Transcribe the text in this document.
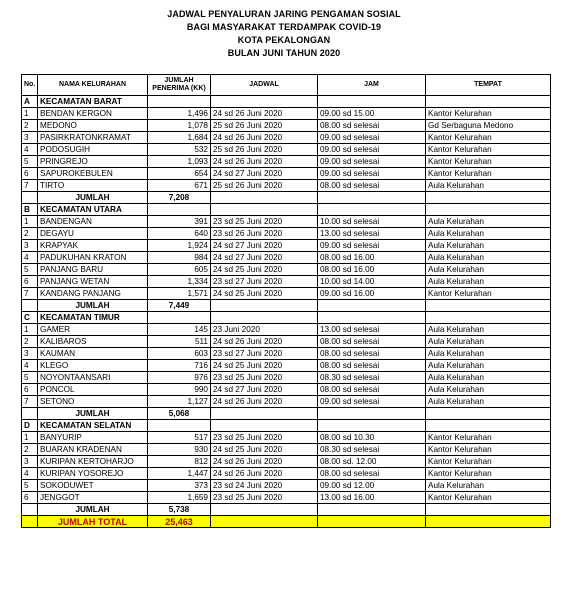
JADWAL PENYALURAN JARING PENGAMAN SOSIAL
BAGI MASYARAKAT TERDAMPAK COVID-19
KOTA PEKALONGAN
BULAN JUNI TAHUN 2020
No.	NAMA KELURAHAN	JUMLAH PENERIMA (KK)	JADWAL	JAM	TEMPAT
A	KECAMATAN BARAT				
1	BENDAN KERGON	1,496	24 sd 26 Juni 2020	09.00 sd 15.00	Kantor Kelurahan
2	MEDONO	1,078	25 sd 26 Juni 2020	08.00 sd selesai	Gd Serbaguna Medono
3	PASIRKRATONKRAMAT	1,684	24 sd 26 Juni 2020	09.00 sd selesai	Kantor Kelurahan
4	PODOSUGIH	532	25 sd 26 Juni 2020	09.00 sd selesai	Kantor Kelurahan
5	PRINGREJO	1,093	24 sd 26 Juni 2020	09.00 sd selesai	Kantor Kelurahan
6	SAPUROKEBULEN	654	24 sd 27 Juni 2020	09.00 sd selesai	Kantor Kelurahan
7	TIRTO	671	25 sd 26 Juni 2020	08.00 sd selesai	Aula Kelurahan
	JUMLAH	7,208			
B	KECAMATAN UTARA				
1	BANDENGAN	391	23 sd 25 Juni 2020	10.00 sd selesai	Aula Kelurahan
2	DEGAYU	640	23 sd 26 Juni 2020	13.00 sd selesai	Aula Kelurahan
3	KRAPYAK	1,924	24 sd 27 Juni 2020	09.00 sd selesai	Aula Kelurahan
4	PADUKUHAN KRATON	984	24 sd 27 Juni 2020	08.00 sd 16.00	Aula Kelurahan
5	PANJANG BARU	605	24 sd 25 Juni 2020	08.00 sd 16.00	Aula Kelurahan
6	PANJANG WETAN	1,334	23 sd 27 Juni 2020	10.00 sd 14.00	Aula Kelurahan
7	KANDANG PANJANG	1,571	24 sd 25 Juni 2020	09.00 sd 16.00	Kantor Kelurahan
	JUMLAH	7,449			
C	KECAMATAN TIMUR				
1	GAMER	145	23 Juni 2020	13.00 sd selesai	Aula Kelurahan
2	KALIBAROS	511	24 sd 26 Juni 2020	08.00 sd selesai	Aula Kelurahan
3	KAUMAN	603	23 sd 27 Juni 2020	08.00 sd selesai	Aula Kelurahan
4	KLEGO	716	24 sd 25 Juni 2020	08.00 sd selesai	Aula Kelurahan
5	NOYONTAANSARI	976	23 sd 25 Juni 2020	08.30 sd selesai	Aula Kelurahan
6	PONCOL	990	24 sd 27 Juni 2020	08.00 sd selesai	Aula Kelurahan
7	SETONO	1,127	24 sd 26 Juni 2020	09.00 sd selesai	Aula Kelurahan
	JUMLAH	5,068			
D	KECAMATAN SELATAN				
1	BANYURIP	517	23 sd 25 Juni 2020	08.00 sd 10.30	Kantor Kelurahan
2	BUARAN KRADENAN	930	24 sd 25 Juni 2020	08.30 sd selesai	Kantor Kelurahan
3	KURIPAN KERTOHARJO	812	24 sd 26 Juni 2020	08.00 sd. 12.00	Kantor Kelurahan
4	KURIPAN YOSOREJO	1,447	24 sd 26 Juni 2020	08.00 sd selesai	Kantor Kelurahan
5	SOKODUWET	373	23 sd 24 Juni 2020	09.00 sd 12.00	Aula Kelurahan
6	JENGGOT	1,659	23 sd 25 Juni 2020	13.00 sd 16.00	Kantor Kelurahan
	JUMLAH	5,738			
	JUMLAH TOTAL	25,463			
